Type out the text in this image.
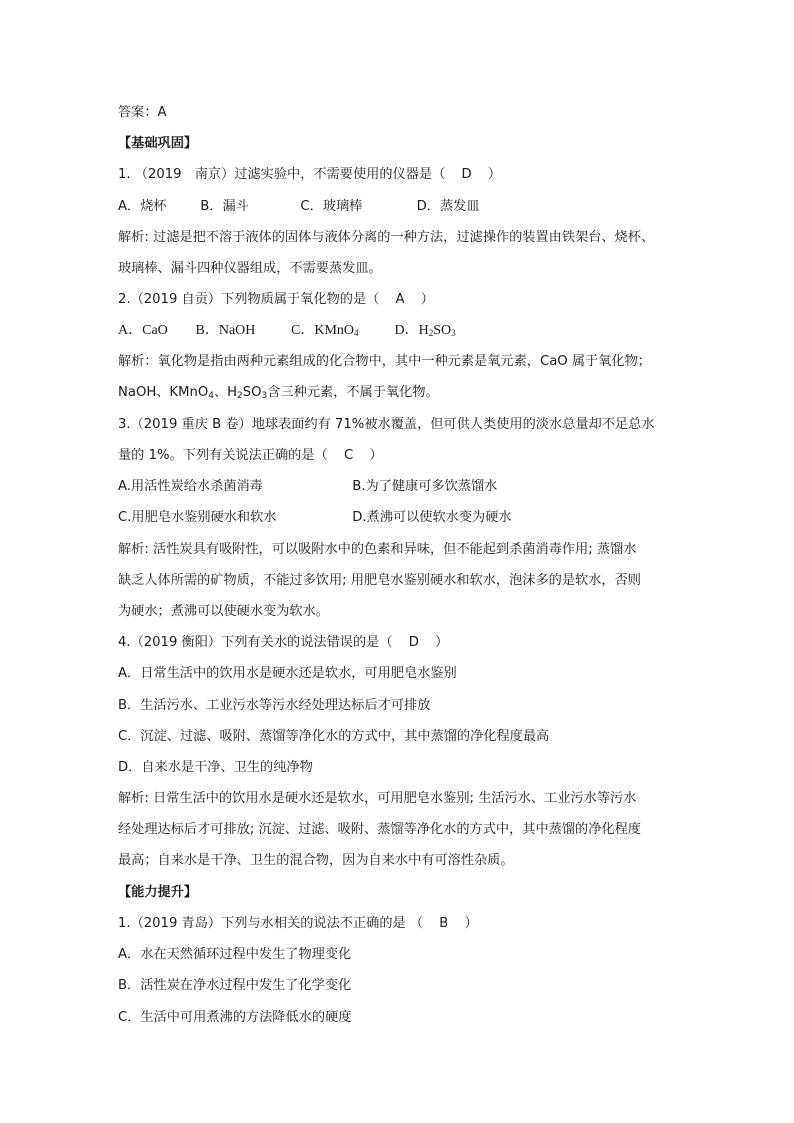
答案：A
【基础巩固】
1. （2019　南京）过滤实验中，不需要使用的仪器是（ D ）
A．烧杯	B．漏斗	C．玻璃棒	D．蒸发皿
解析: 过滤是把不溶于液体的固体与液体分离的一种方法，过滤操作的装置由铁架台、烧杯、
玻璃棒、漏斗四种仪器组成，不需要蒸发皿。
2.（2019 自贡）下列物质属于氧化物的是（ A ）
A．CaO B．NaOH	C．KMnO$_4$	D．$H_2SO_3$
解析：氧化物是指由两种元素组成的化合物中，其中一种元素是氧元素，CaO 属于氧化物；
NaOH、KMnO$_4$、$H_2SO_3$含三种元素，不属于氧化物。
3.（2019 重庆 B 卷）地球表面约有 71%被水覆盖，但可供人类使用的淡水总量却不足总水
量的 1%。下列有关说法正确的是（ C ）
A.用活性炭给水杀菌消毒	B.为了健康可多饮蒸馏水
C.用肥皂水鉴别硬水和软水	D.煮沸可以使软水变为硬水
解析: 活性炭具有吸附性，可以吸附水中的色素和异味，但不能起到杀菌消毒作用; 蒸馏水
缺乏人体所需的矿物质，不能过多饮用; 用肥皂水鉴别硬水和软水，泡沫多的是软水，否则
为硬水；煮沸可以使硬水变为软水。
4.（2019 衡阳）下列有关水的说法错误的是（ D ）
A．日常生活中的饮用水是硬水还是软水，可用肥皂水鉴别
B．生活污水、工业污水等污水经处理达标后才可排放
C．沉淀、过滤、吸附、蒸馏等净化水的方式中，其中蒸馏的净化程度最高
D．自来水是干净、卫生的纯净物
解析: 日常生活中的饮用水是硬水还是软水，可用肥皂水鉴别; 生活污水、工业污水等污水
经处理达标后才可排放; 沉淀、过滤、吸附、蒸馏等净化水的方式中，其中蒸馏的净化程度
最高；自来水是干净、卫生的混合物，因为自来水中有可溶性杂质。
【能力提升】
1.（2019 青岛）下列与水相关的说法不正确的是 （ B ）
A．水在天然循环过程中发生了物理变化
B．活性炭在净水过程中发生了化学变化
C．生活中可用煮沸的方法降低水的硬度
